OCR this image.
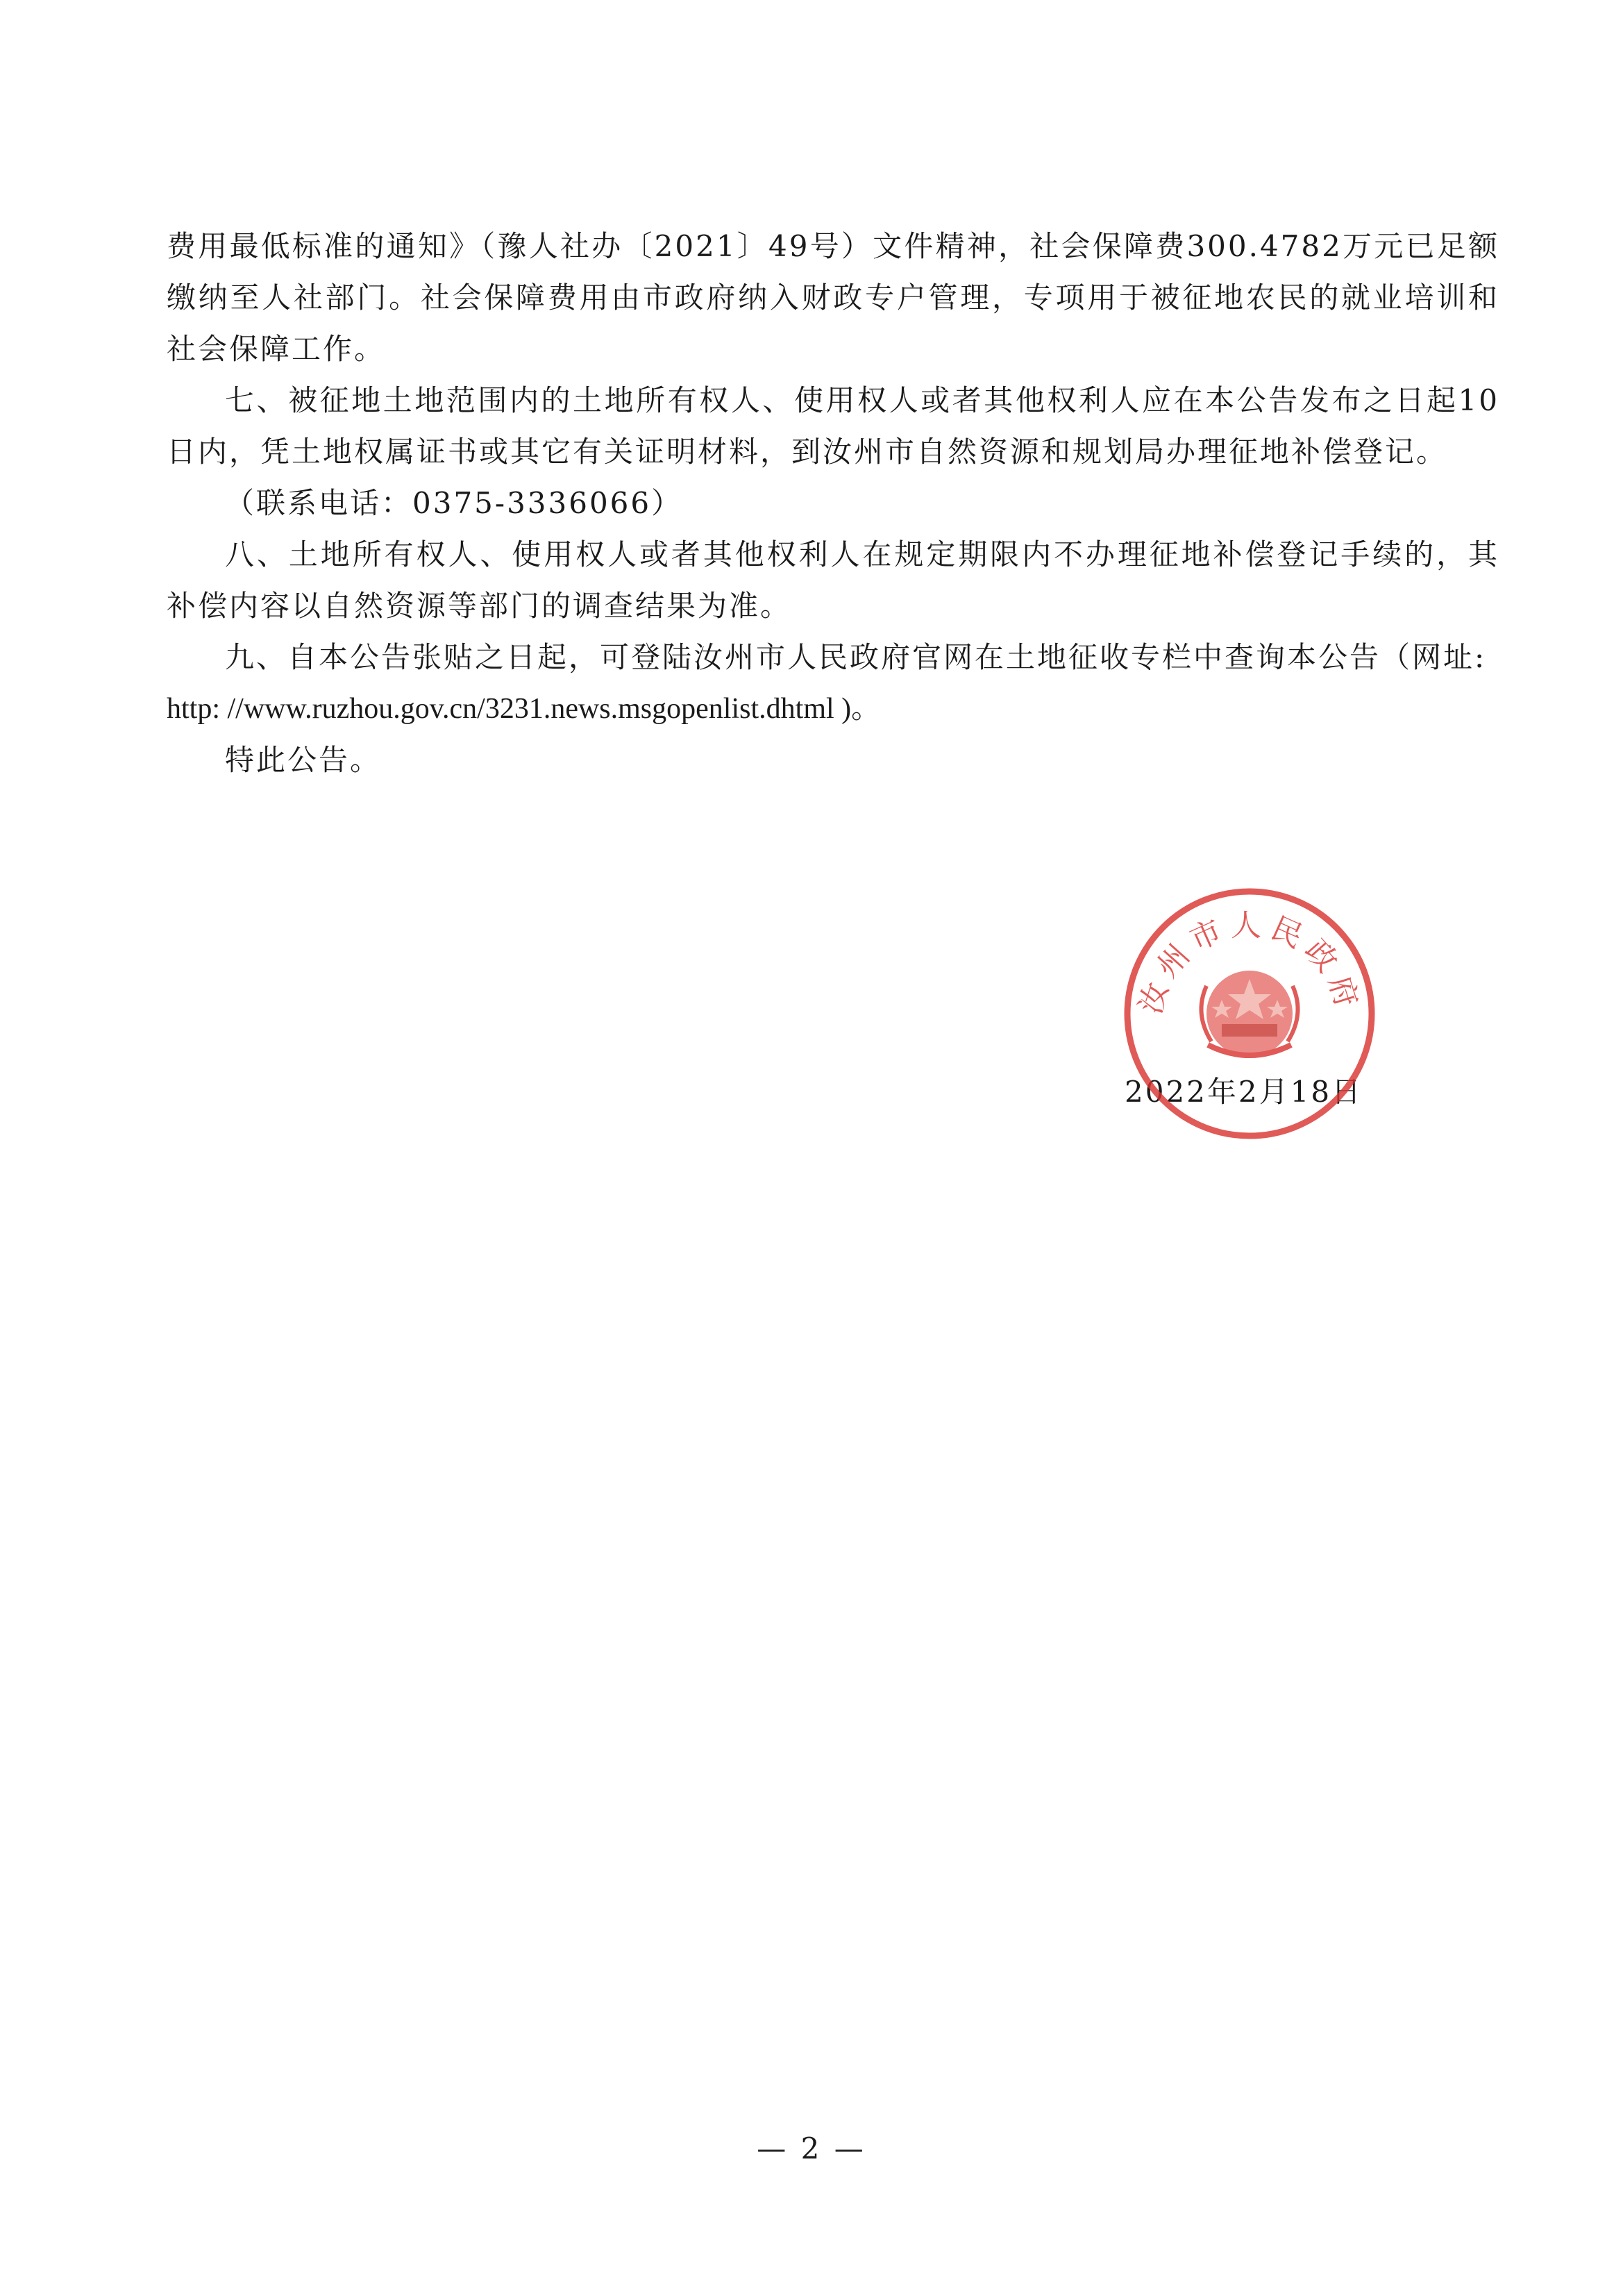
费用最低标准的通知》（豫人社办〔2021〕49号）文件精神，社会保障费300.4782万元已足额缴纳至人社部门。社会保障费用由市政府纳入财政专户管理，专项用于被征地农民的就业培训和社会保障工作。

七、被征地土地范围内的土地所有权人、使用权人或者其他权利人应在本公告发布之日起10日内，凭土地权属证书或其它有关证明材料，到汝州市自然资源和规划局办理征地补偿登记。

（联系电话：0375-3336066）

八、土地所有权人、使用权人或者其他权利人在规定期限内不办理征地补偿登记手续的，其补偿内容以自然资源等部门的调查结果为准。

九、自本公告张贴之日起，可登陆汝州市人民政府官网在土地征收专栏中查询本公告（网址:

http: //www.ruzhou.gov.cn/3231.news.msgopenlist.dhtml )。

特此公告。

2022年2月18日
汝州市人民政府
— 2 —
